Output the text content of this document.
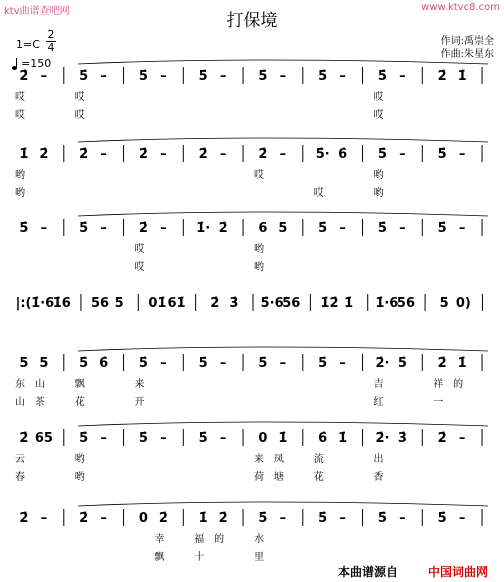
ktv曲谱查吧网	www.ktvc8.com
打保境
作词:禹崇全
作曲:朱星东
1=C
2
4
=150
2̇ – 5̇ – 5̇ – 5̇ – 5̇ – 5̇ – 5̇ – 2̇ 1̇
哎	哎	哎
哎	哎	哎
1̇ 2̇ 2̇ – 2̇ – 2̇ – 2̇ – 5̇· 6̇ 5̇ – 5̇ –
哟	哎	哟
哟	哎	哟
5̇ – 5̇ – 2̇ – 1̇· 2̇ 6 5 5̇ – 5̇ – 5̇ –
哎	哟
哎	哟
|:( 1̇·6
1̇6 56 5 01̇ 61̇ 2̇ 3̇ 5̇·6
56 1̇2̇ 1̇ 1̇·6
56 5 0)
5 5 5̇ 6̇ 5̇ – 5̇ – 5̇ – 5̇ – 2̇· 5̇ 2̇ 1̇
东 山	飘	来	吉	祥 的
山 茶	花	开	红	一
2̇ 65 5̇ – 5̇ – 5̇ – 0 1̇ 6̇ 1̇ 2̇· 3̇ 2̇ –
云	哟	来 凤	流	出
春	哟	荷 塘	花	香
2̇ – 2̇ – 0 2̇ 1̇ 2̇ 5̇ – 5̇ – 5̇ – 5̇ –
幸	福 的	水
飘	十	里
本曲谱源自 中国词曲网
